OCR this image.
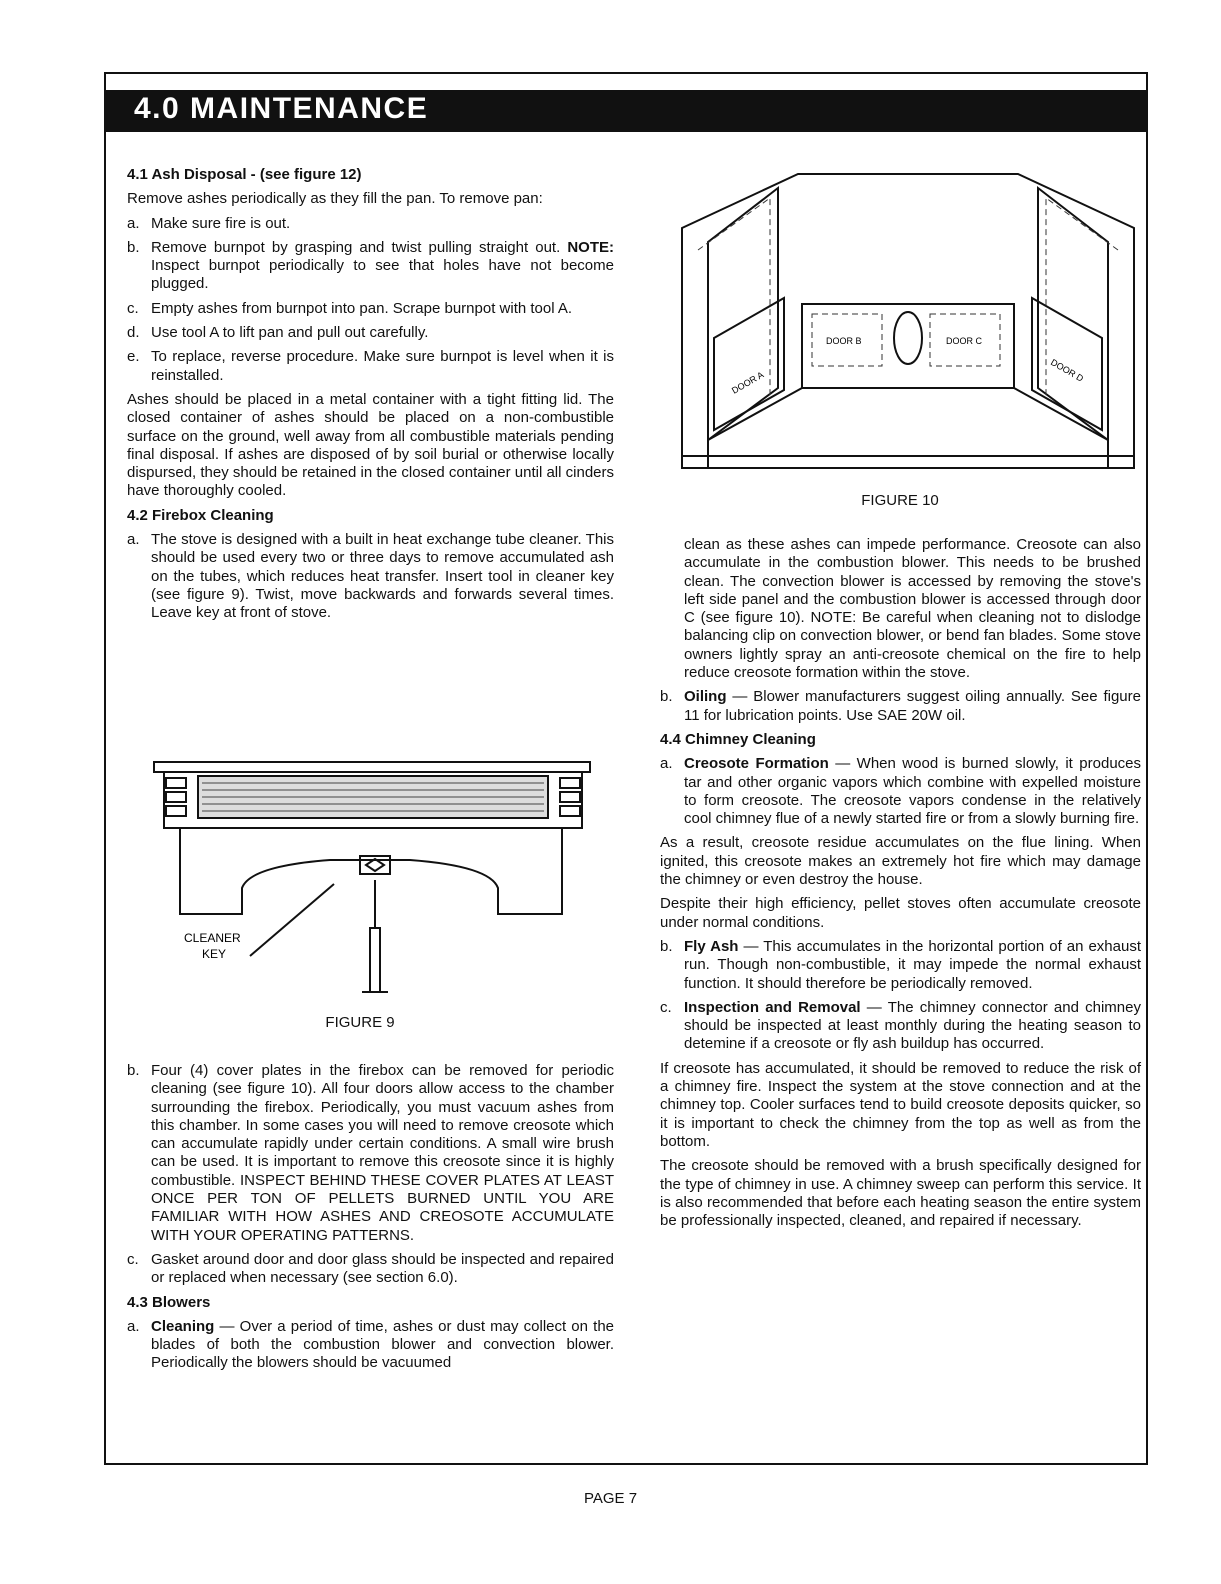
4.0 MAINTENANCE
4.1 Ash Disposal - (see figure 12)

Remove ashes periodically as they fill the pan. To remove pan:

a. Make sure fire is out.
b. Remove burnpot by grasping and twist pulling straight out. NOTE: Inspect burnpot periodically to see that holes have not become plugged.
c. Empty ashes from burnpot into pan. Scrape burnpot with tool A.
d. Use tool A to lift pan and pull out carefully.
e. To replace, reverse procedure. Make sure burnpot is level when it is reinstalled.

Ashes should be placed in a metal container with a tight fitting lid. The closed container of ashes should be placed on a non-combustible surface on the ground, well away from all combustible materials pending final disposal. If ashes are disposed of by soil burial or otherwise locally dispursed, they should be retained in the closed container until all cinders have thoroughly cooled.

4.2 Firebox Cleaning
a. The stove is designed with a built in heat exchange tube cleaner. This should be used every two or three days to remove accumulated ash on the tubes, which reduces heat transfer. Insert tool in cleaner key (see figure 9). Twist, move backwards and forwards several times. Leave key at front of stove.
CLEANER
KEY
FIGURE 9
b. Four (4) cover plates in the firebox can be removed for periodic cleaning (see figure 10). All four doors allow access to the chamber surrounding the firebox. Periodically, you must vacuum ashes from this chamber. In some cases you will need to remove creosote which can accumulate rapidly under certain conditions. A small wire brush can be used. It is important to remove this creosote since it is highly combustible. INSPECT BEHIND THESE COVER PLATES AT LEAST ONCE PER TON OF PELLETS BURNED UNTIL YOU ARE FAMILIAR WITH HOW ASHES AND CREOSOTE ACCUMULATE WITH YOUR OPERATING PATTERNS.
c. Gasket around door and door glass should be inspected and repaired or replaced when necessary (see section 6.0).
4.3 Blowers
a. Cleaning — Over a period of time, ashes or dust may collect on the blades of both the combustion blower and convection blower. Periodically the blowers should be vacuumed
DOOR B	DOOR C
DOOR A	DOOR D
FIGURE 10

clean as these ashes can impede performance. Creosote can also accumulate in the combustion blower. This needs to be brushed clean. The convection blower is accessed by removing the stove's left side panel and the combustion blower is accessed through door C (see figure 10). NOTE: Be careful when cleaning not to dislodge balancing clip on convection blower, or bend fan blades. Some stove owners lightly spray an anti-creosote chemical on the fire to help reduce creosote formation within the stove.

b. Oiling — Blower manufacturers suggest oiling annually. See figure 11 for lubrication points. Use SAE 20W oil.
4.4 Chimney Cleaning
a. Creosote Formation — When wood is burned slowly, it produces tar and other organic vapors which combine with expelled moisture to form creosote. The creosote vapors condense in the relatively cool chimney flue of a newly started fire or from a slowly burning fire.

As a result, creosote residue accumulates on the flue lining. When ignited, this creosote makes an extremely hot fire which may damage the chimney or even destroy the house.

Despite their high efficiency, pellet stoves often accumulate creosote under normal conditions.

b. Fly Ash — This accumulates in the horizontal portion of an exhaust run. Though non-combustible, it may impede the normal exhaust function. It should therefore be periodically removed.
c. Inspection and Removal — The chimney connector and chimney should be inspected at least monthly during the heating season to detemine if a creosote or fly ash buildup has occurred.

If creosote has accumulated, it should be removed to reduce the risk of a chimney fire. Inspect the system at the stove connection and at the chimney top. Cooler surfaces tend to build creosote deposits quicker, so it is important to check the chimney from the top as well as from the bottom.

The creosote should be removed with a brush specifically designed for the type of chimney in use. A chimney sweep can perform this service. It is also recommended that before each heating season the entire system be professionally inspected, cleaned, and repaired if necessary.

PAGE 7
